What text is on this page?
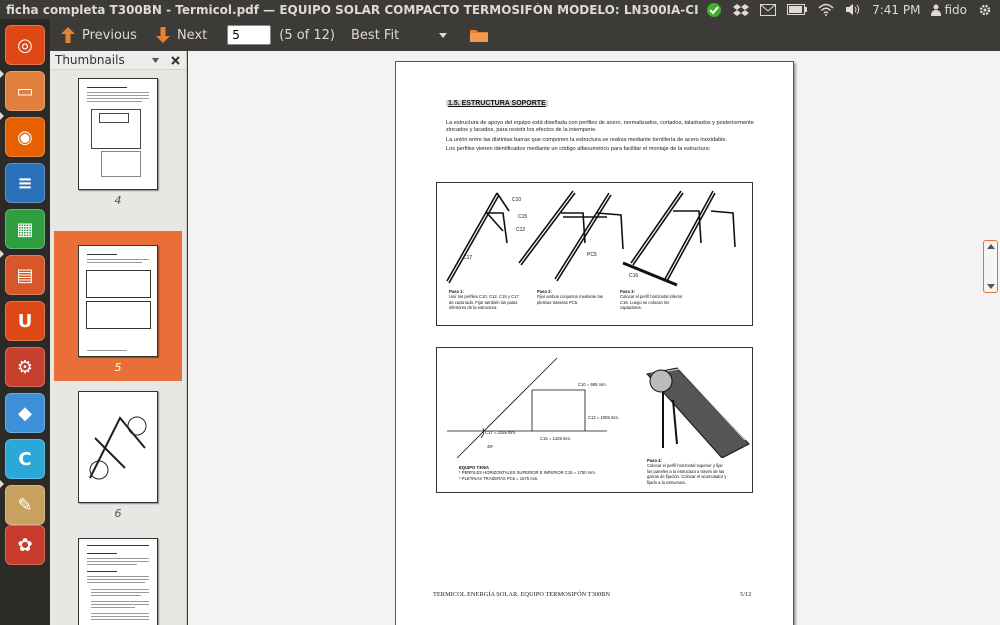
ficha completa T300BN - Termicol.pdf — EQUIPO SOLAR COMPACTO TERMOSIFÓN MODELO: LN300IA-CI	7:41 PM fido
◎
▭
◉
≡
▦
▤
U
⚙
◆
C
✎
✿
Previous	Next
5	(5 of 12) Best Fit
Thumbnails
4
5
6
1.5. ESTRUCTURA SOPORTE
La estructura de apoyo del equipo está diseñada con perfiles de acero, normalizados, cortados, taladrados y posteriormente zincados y lacados, para resistir los efectos de la intemperie.
La unión entre las distintas barras que componen la estructura se realiza mediante tornillería de acero inoxidable.
Los perfiles vienen identificados mediante un código alfanumérico para facilitar el montaje de la estructura:
C10
C15
C12
C17	PC5
C16
Paso 1:
Unir los perfiles C10, C12, C15 y C17 de cada lado. Fijar también las patas inferiores de la estructura.
Paso 2:
Fijar ambos conjuntos mediante las pletinas traseras PC5.
Paso 3:
Colocar el perfil horizontal inferior C16. Luego se colocan los captadores.
C10 = 665 mm.
C12 = 1055 mm.
C17 = 2155 mm.
C15 = 1425 mm.
45º
EQUIPO T300A
* PERFILES HORIZONTALES SUPERIOR E INFERIOR C16 = 1750 mm.
* PLETINAS TRASERAS PC5 = 1675 mm.
Paso 4:
Colocar el perfil horizontal superior y fijar los paneles a la estructura a través de las garras de fijación. Colocar el acumulador y fijarlo a la estructura.
TERMICOL ENERGÍA SOLAR. EQUIPO TERMOSIFÓN T300BN	5/12
